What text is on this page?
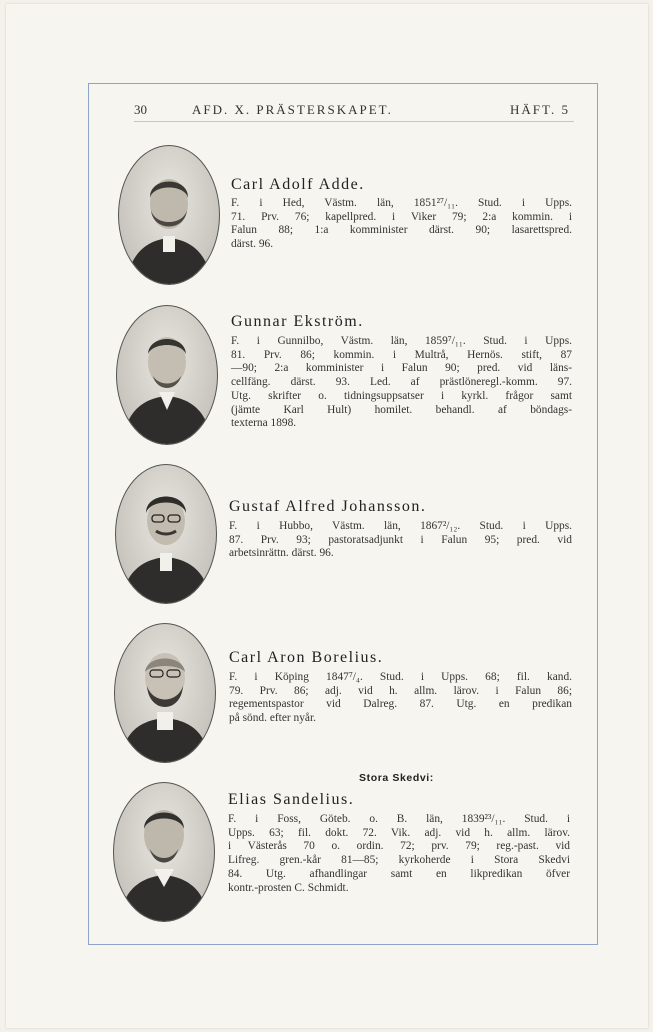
30	AFD. X. PRÄSTERSKAPET.	HÄFT. 5
Stora Skedvi:
Carl Adolf Adde.
F. i Hed, Västm. län, 1851²⁷/₁₁. Stud. i Upps.
71. Prv. 76; kapellpred. i Viker 79; 2:a kommin. i
Falun 88; 1:a komminister därst. 90; lasarettspred.
därst. 96.
Gunnar Ekström.
F. i Gunnilbo, Västm. län, 1859⁷/₁₁. Stud. i Upps.
81. Prv. 86; kommin. i Multrå, Hernös. stift, 87
—90; 2:a komminister i Falun 90; pred. vid läns-
cellfäng. därst. 93. Led. af prästlöneregl.-komm. 97.
Utg. skrifter o. tidningsuppsatser i kyrkl. frågor samt
(jämte Karl Hult) homilet. behandl. af böndags-
texterna 1898.
Gustaf Alfred Johansson.
F. i Hubbo, Västm. län, 1867²/₁₂. Stud. i Upps.
87. Prv. 93; pastoratsadjunkt i Falun 95; pred. vid
arbetsinrättn. därst. 96.
Carl Aron Borelius.
F. i Köping 1847⁷/₄. Stud. i Upps. 68; fil. kand.
79. Prv. 86; adj. vid h. allm. lärov. i Falun 86;
regementspastor vid Dalreg. 87. Utg. en predikan
på sönd. efter nyår.
Elias Sandelius.
F. i Foss, Göteb. o. B. län, 1839²³/₁₁. Stud. i
Upps. 63; fil. dokt. 72. Vik. adj. vid h. allm. lärov.
i Västerås 70 o. ordin. 72; prv. 79; reg.-past. vid
Lifreg. gren.-kår 81—85; kyrkoherde i Stora Skedvi
84. Utg. afhandlingar samt en likpredikan öfver
kontr.-prosten C. Schmidt.
